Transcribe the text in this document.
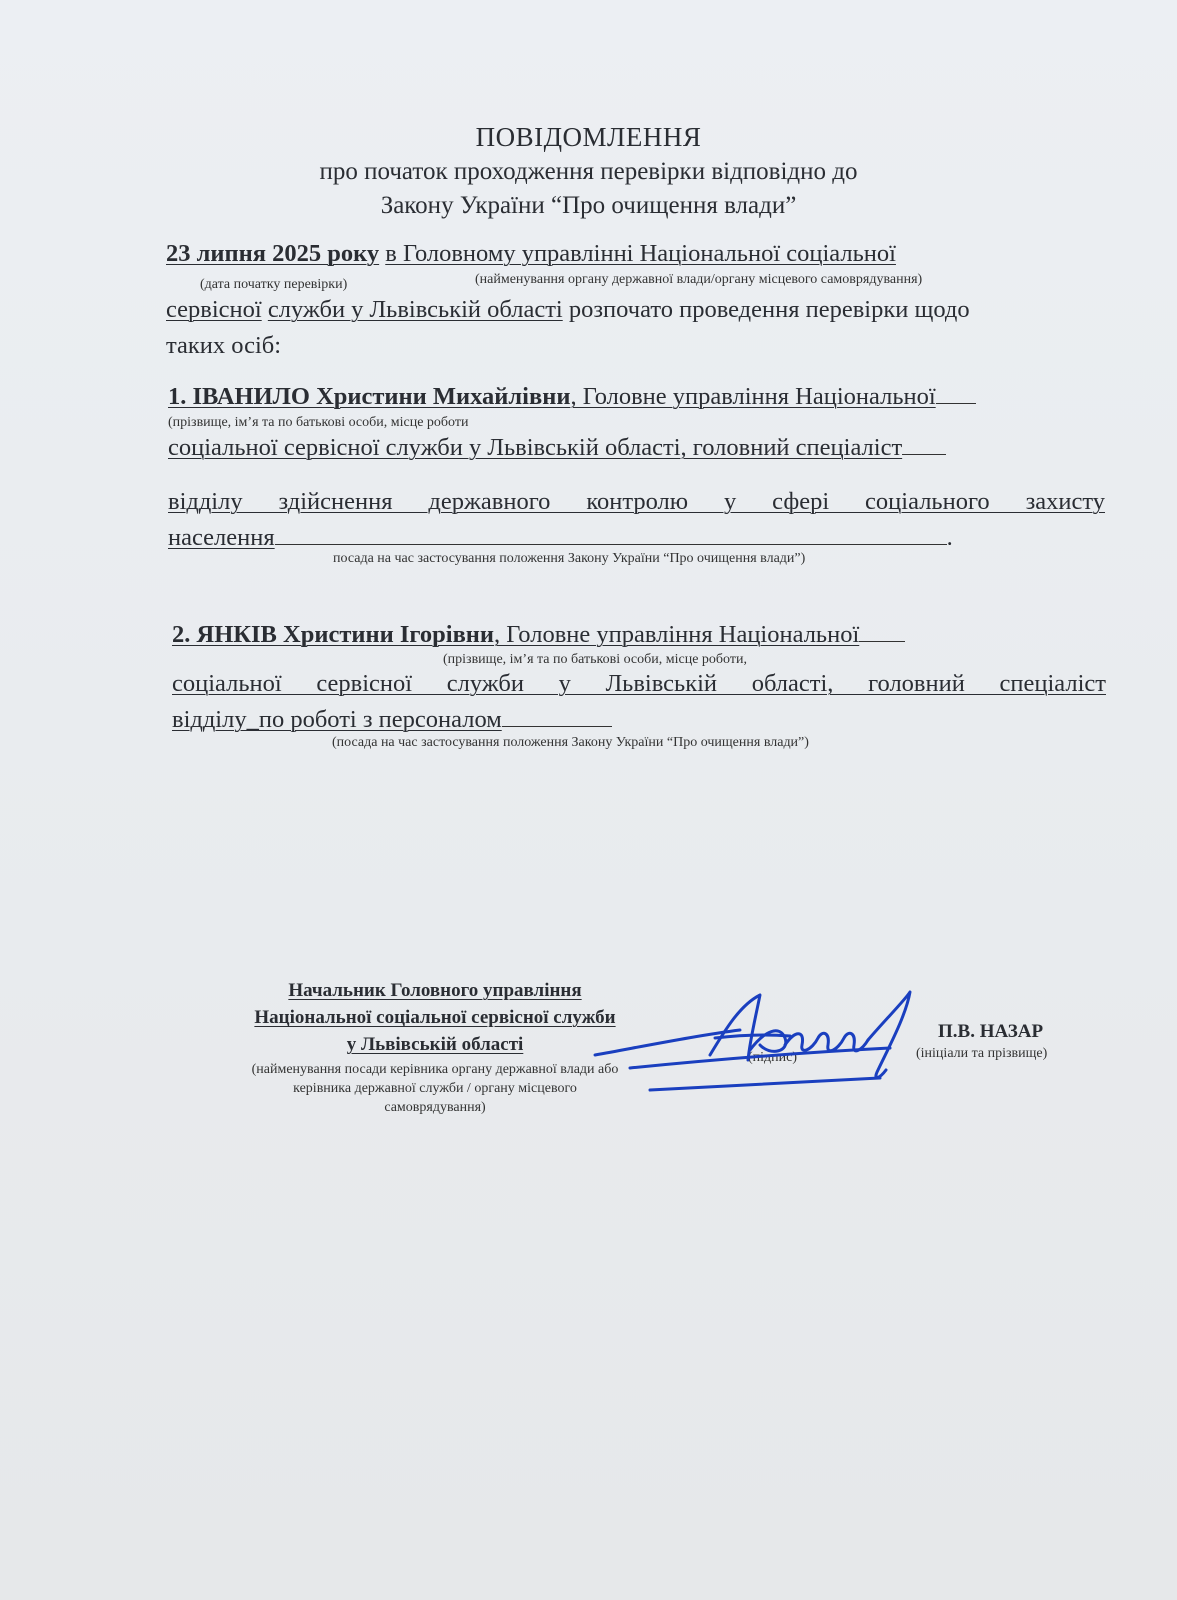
ПОВІДОМЛЕННЯ
про початок проходження перевірки відповідно до
Закону України “Про очищення влади”
23 липня 2025 року в Головному управлінні Національної соціальної
(дата початку перевірки)	(найменування органу державної влади/органу місцевого самоврядування)
сервісної служби у Львівській області розпочато проведення перевірки щодо
таких осіб:
1. ІВАНИЛО Христини Михайлівни, Головне управління Національної
(прізвище, ім’я та по батькові особи, місце роботи
соціальної сервісної служби у Львівській області, головний спеціаліст
відділу здійснення державного контролю у сфері соціального захисту
населення	.
посада на час застосування положення Закону України “Про очищення влади”)
2. ЯНКІВ Христини Ігорівни, Головне управління Національної
(прізвище, ім’я та по батькові особи, місце роботи,
соціальної сервісної служби у Львівській області, головний спеціаліст
відділу_по роботі з персоналом
(посада на час застосування положення Закону України “Про очищення влади”)
Начальник Головного управління
Національної соціальної сервісної служби
у Львівській області
(найменування посади керівника органу державної влади або
керівника державної служби / органу місцевого
самоврядування)
(підпис)
П.В. НАЗАР
(ініціали та прізвище)
